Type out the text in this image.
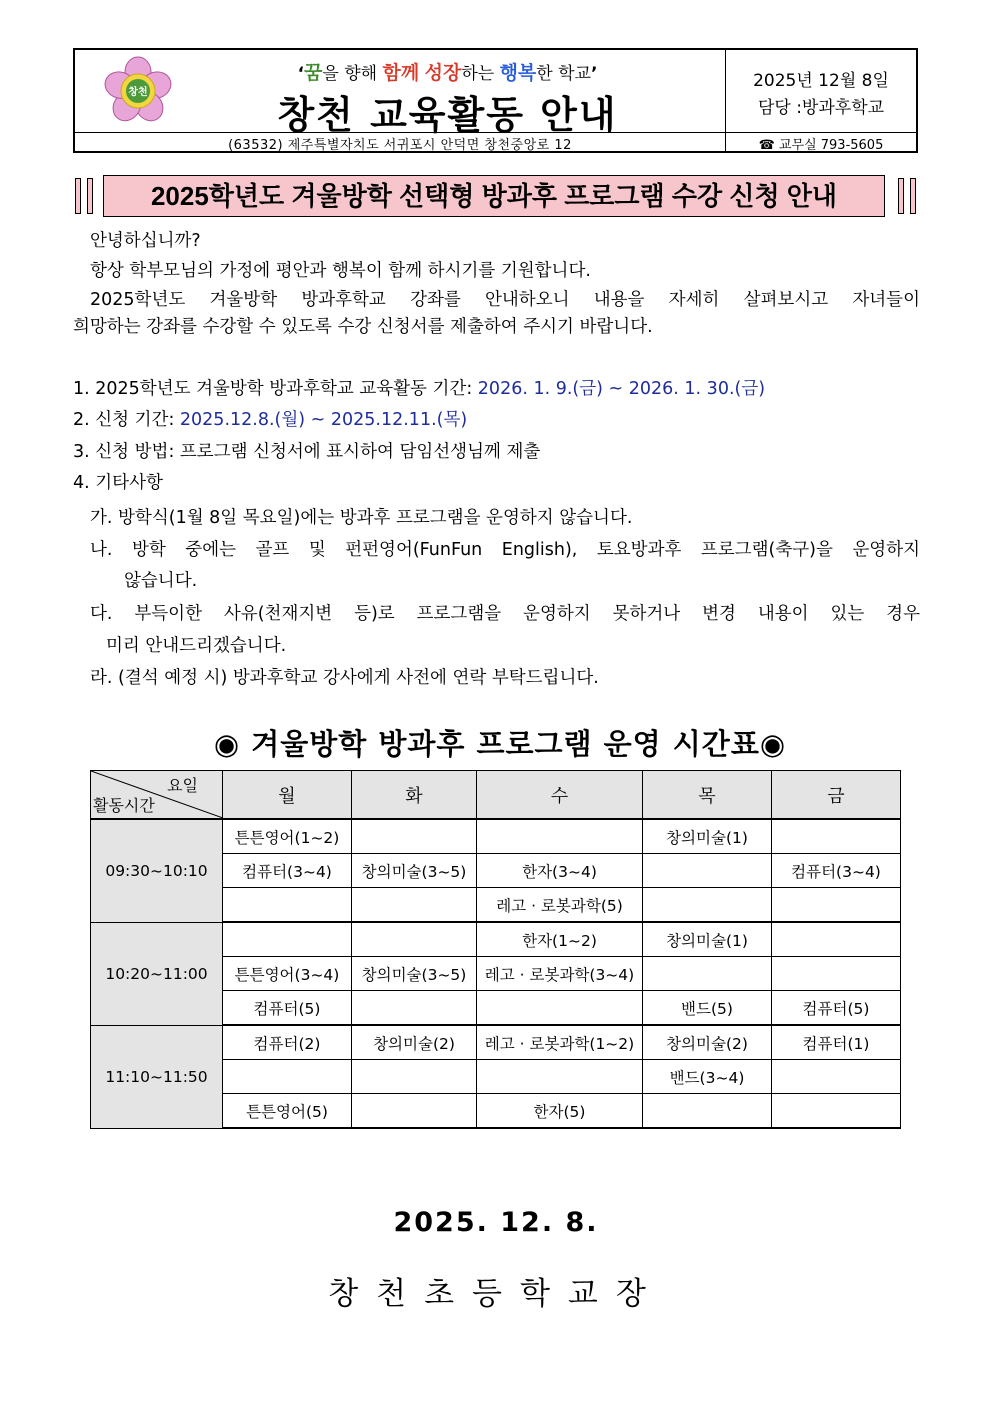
창천
‘꿈을 향해 함께 성장하는 행복한 학교’
창천 교육활동 안내
2025년 12월 8일
담당 :방과후학교
(63532) 제주특별자치도 서귀포시 안덕면 창천중앙로 12	☎ 교무실 793-5605
2025학년도 겨울방학 선택형 방과후 프로그램 수강 신청 안내
안녕하십니까?
항상 학부모님의 가정에 평안과 행복이 함께 하시기를 기원합니다.
2025학년도 겨울방학 방과후학교 강좌를 안내하오니 내용을 자세히 살펴보시고 자녀들이
희망하는 강좌를 수강할 수 있도록 수강 신청서를 제출하여 주시기 바랍니다.
1. 2025학년도 겨울방학 방과후학교 교육활동 기간: 2026. 1. 9.(금) ~ 2026. 1. 30.(금)
2. 신청 기간: 2025.12.8.(월) ~ 2025.12.11.(목)
3. 신청 방법: 프로그램 신청서에 표시하여 담임선생님께 제출
4. 기타사항
가. 방학식(1월 8일 목요일)에는 방과후 프로그램을 운영하지 않습니다.
나. 방학 중에는 골프 및 펀펀영어(FunFun English), 토요방과후 프로그램(축구)을 운영하지
않습니다.
다. 부득이한 사유(천재지변 등)로 프로그램을 운영하지 못하거나 변경 내용이 있는 경우
미리 안내드리겠습니다.
라. (결석 예정 시) 방과후학교 강사에게 사전에 연락 부탁드립니다.
◉ 겨울방학 방과후 프로그램 운영 시간표◉
요일
활동시간	월	화	수	목	금
09:30~10:10	튼튼영어(1~2)			창의미술(1)	
	컴퓨터(3~4)	창의미술(3~5)	한자(3~4)		컴퓨터(3~4)
			레고 · 로봇과학(5)		
10:20~11:00			한자(1~2)	창의미술(1)	
	튼튼영어(3~4)	창의미술(3~5)	레고 · 로봇과학(3~4)		
	컴퓨터(5)			밴드(5)	컴퓨터(5)
11:10~11:50	컴퓨터(2)	창의미술(2)	레고 · 로봇과학(1~2)	창의미술(2)	컴퓨터(1)
				밴드(3~4)	
	튼튼영어(5)		한자(5)		
2025. 12. 8.
창천초등학교장
